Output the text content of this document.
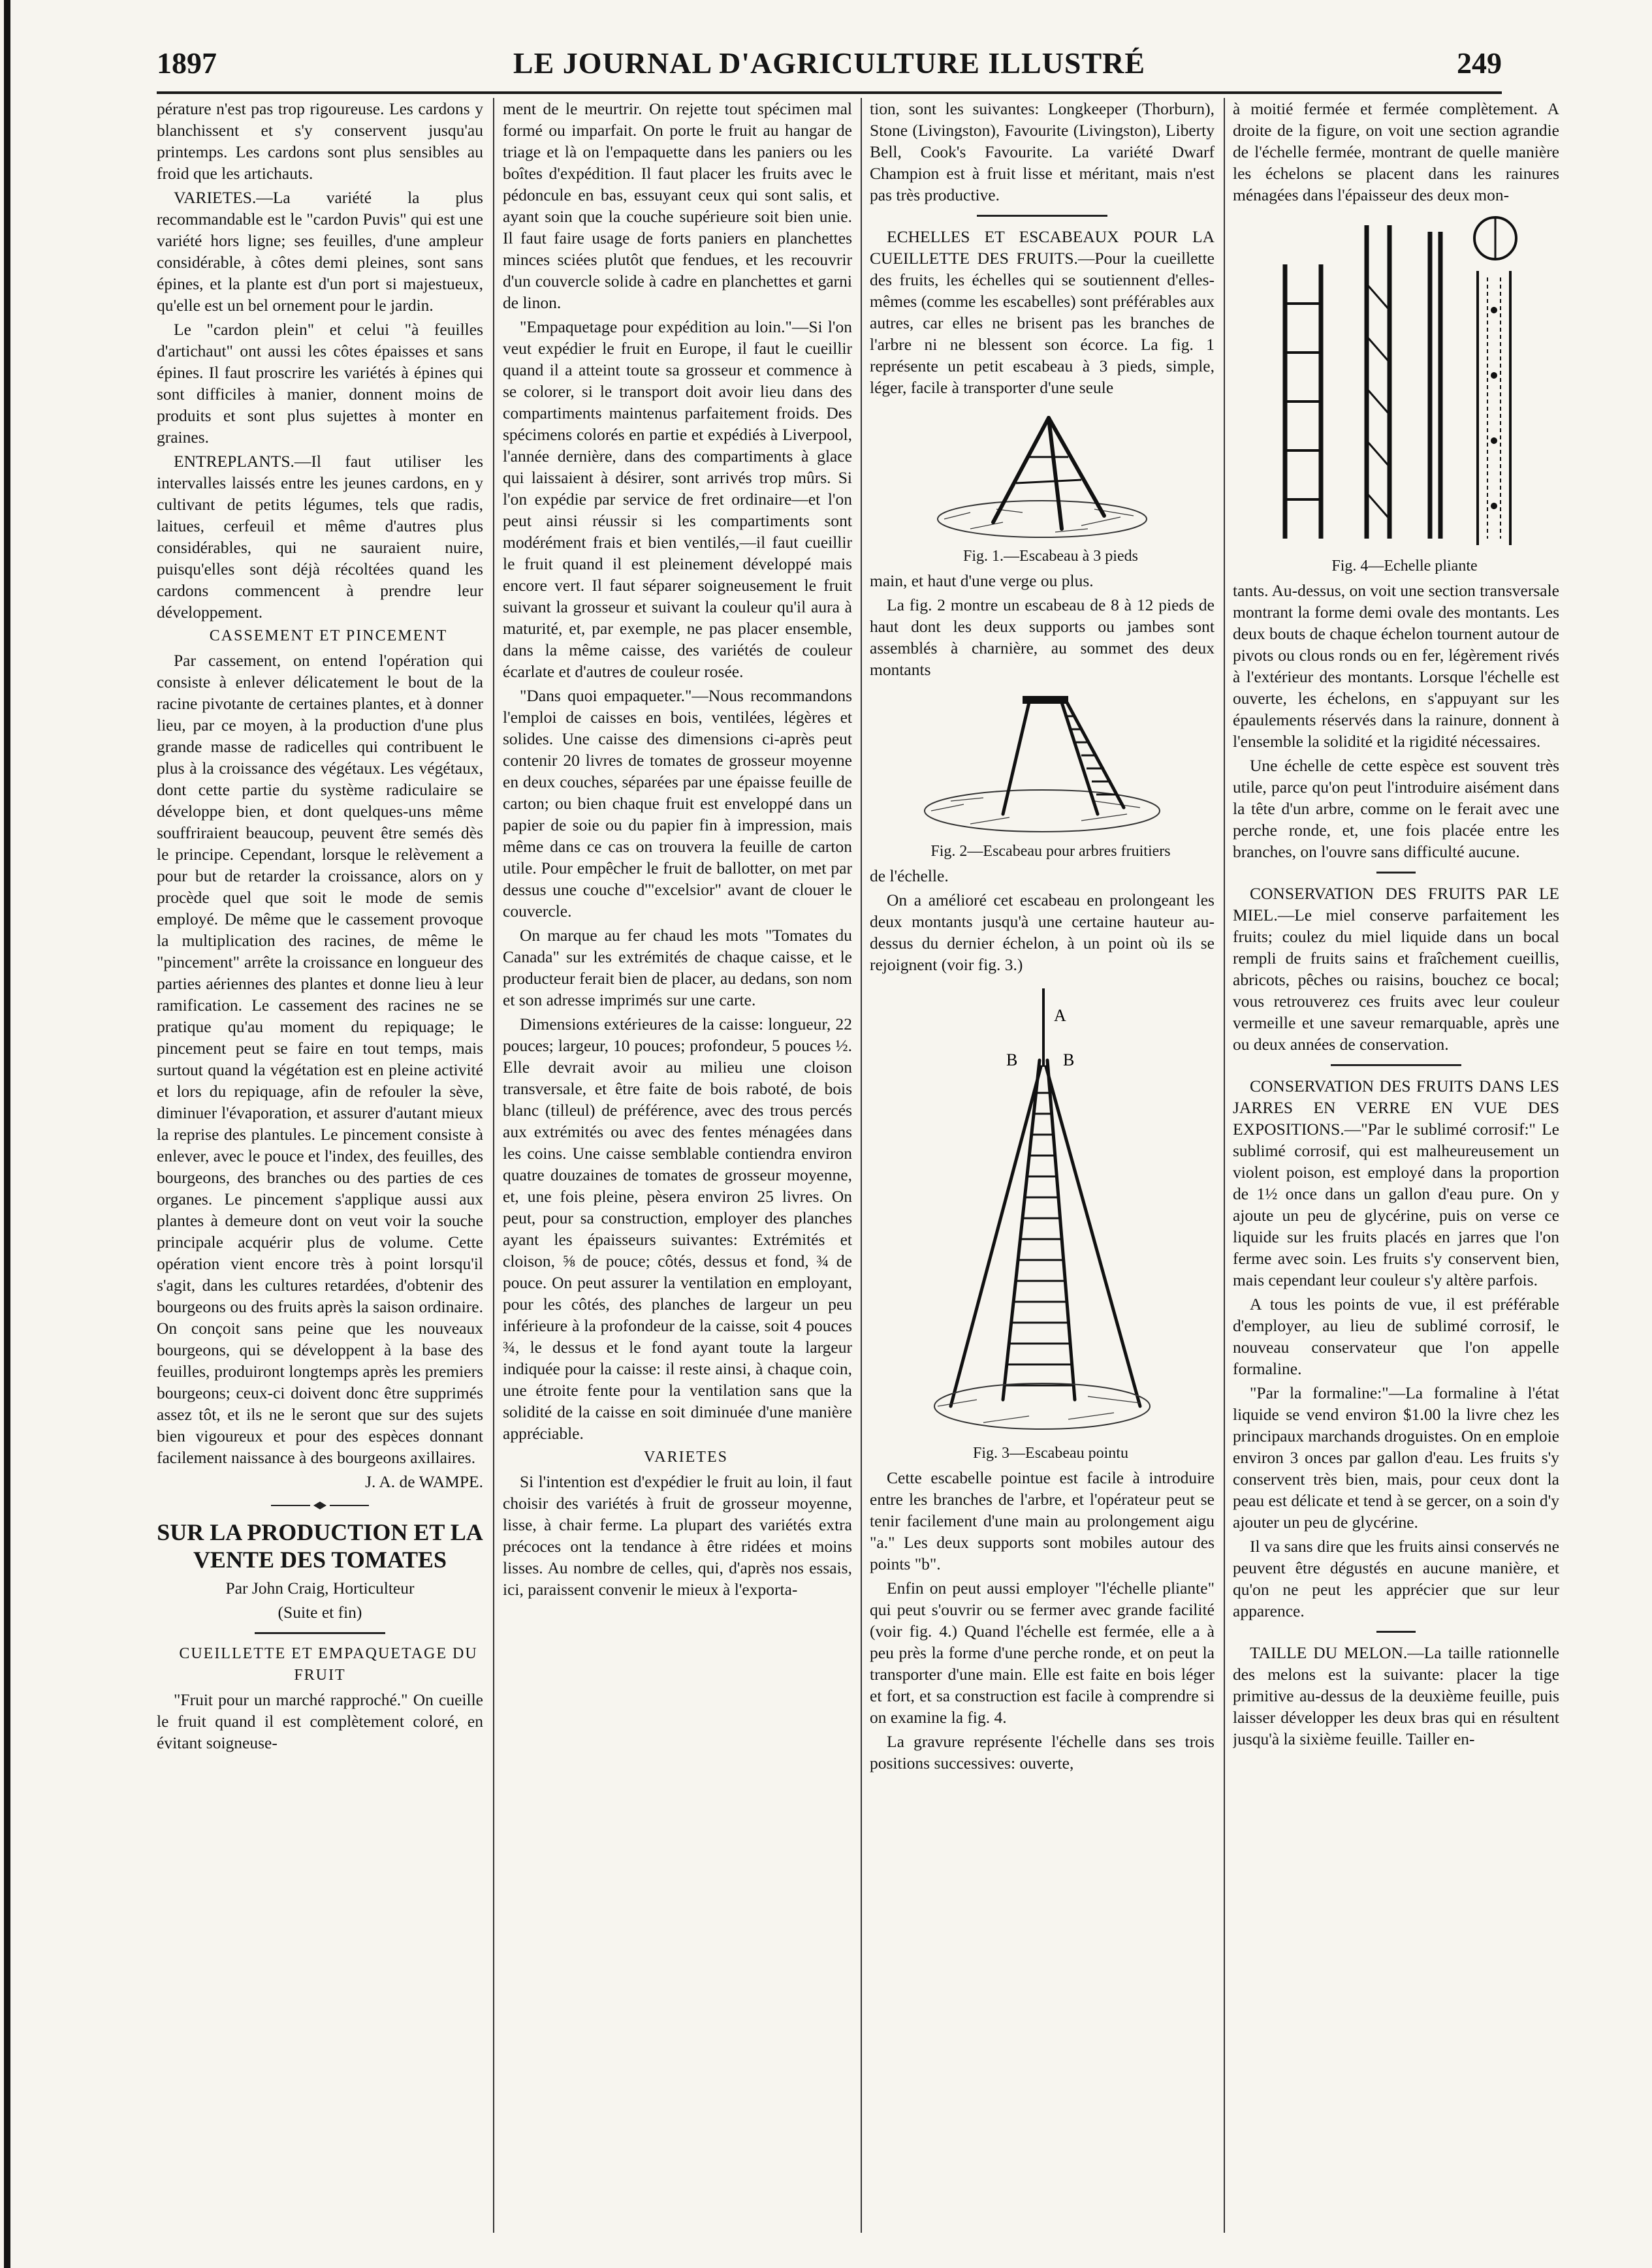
LE JOURNAL D'AGRICULTURE ILLUSTRÉ
1897	249

pérature n'est pas trop rigoureuse. Les cardons y blanchissent et s'y conservent jusqu'au printemps. Les cardons sont plus sensibles au froid que les artichauts.

VARIETES.—La variété la plus recommandable est le "cardon Puvis" qui est une variété hors ligne; ses feuilles, d'une ampleur considérable, à côtes demi pleines, sont sans épines, et la plante est d'un port si majestueux, qu'elle est un bel ornement pour le jardin.

Le "cardon plein" et celui "à feuilles d'artichaut" ont aussi les côtes épaisses et sans épines. Il faut proscrire les variétés à épines qui sont difficiles à manier, donnent moins de produits et sont plus sujettes à monter en graines.

ENTREPLANTS.—Il faut utiliser les intervalles laissés entre les jeunes cardons, en y cultivant de petits légumes, tels que radis, laitues, cerfeuil et même d'autres plus considérables, qui ne sauraient nuire, puisqu'elles sont déjà récoltées quand les cardons commencent à prendre leur développement.

CASSEMENT ET PINCEMENT

Par cassement, on entend l'opération qui consiste à enlever délicatement le bout de la racine pivotante de certaines plantes, et à donner lieu, par ce moyen, à la production d'une plus grande masse de radicelles qui contribuent le plus à la croissance des végétaux. Les végétaux, dont cette partie du système radiculaire se développe bien, et dont quelques-uns même souffriraient beaucoup, peuvent être semés dès le principe. Cependant, lorsque le relèvement a pour but de retarder la croissance, alors on y procède quel que soit le mode de semis employé. De même que le cassement provoque la multiplication des racines, de même le "pincement" arrête la croissance en longueur des parties aériennes des plantes et donne lieu à leur ramification. Le cassement des racines ne se pratique qu'au moment du repiquage; le pincement peut se faire en tout temps, mais surtout quand la végétation est en pleine activité et lors du repiquage, afin de refouler la sève, diminuer l'évaporation, et assurer d'autant mieux la reprise des plantules. Le pincement consiste à enlever, avec le pouce et l'index, des feuilles, des bourgeons, des branches ou des parties de ces organes. Le pincement s'applique aussi aux plantes à demeure dont on veut voir la souche principale acquérir plus de volume. Cette opération vient encore très à point lorsqu'il s'agit, dans les cultures retardées, d'obtenir des bourgeons ou des fruits après la saison ordinaire. On conçoit sans peine que les nouveaux bourgeons, qui se développent à la base des feuilles, produiront longtemps après les premiers bourgeons; ceux-ci doivent donc être supprimés assez tôt, et ils ne le seront que sur des sujets bien vigoureux et pour des espèces donnant facilement naissance à des bourgeons axillaires.

J. A. de WAMPE.

SUR LA PRODUCTION ET LA VENTE DES TOMATES

Par John Craig, Horticulteur

(Suite et fin)

CUEILLETTE ET EMPAQUETAGE DU FRUIT

"Fruit pour un marché rapproché." On cueille le fruit quand il est complètement coloré, en évitant soigneuse-

ment de le meurtrir. On rejette tout spécimen mal formé ou imparfait. On porte le fruit au hangar de triage et là on l'empaquette dans les paniers ou les boîtes d'expédition. Il faut placer les fruits avec le pédoncule en bas, essuyant ceux qui sont salis, et ayant soin que la couche supérieure soit bien unie. Il faut faire usage de forts paniers en planchettes minces sciées plutôt que fendues, et les recouvrir d'un couvercle solide à cadre en planchettes et garni de linon.

"Empaquetage pour expédition au loin."—Si l'on veut expédier le fruit en Europe, il faut le cueillir quand il a atteint toute sa grosseur et commence à se colorer, si le transport doit avoir lieu dans des compartiments maintenus parfaitement froids. Des spécimens colorés en partie et expédiés à Liverpool, l'année dernière, dans des compartiments à glace qui laissaient à désirer, sont arrivés trop mûrs. Si l'on expédie par service de fret ordinaire—et l'on peut ainsi réussir si les compartiments sont modérément frais et bien ventilés,—il faut cueillir le fruit quand il est pleinement développé mais encore vert. Il faut séparer soigneusement le fruit suivant la grosseur et suivant la couleur qu'il aura à maturité, et, par exemple, ne pas placer ensemble, dans la même caisse, des variétés de couleur écarlate et d'autres de couleur rosée.

"Dans quoi empaqueter."—Nous recommandons l'emploi de caisses en bois, ventilées, légères et solides. Une caisse des dimensions ci-après peut contenir 20 livres de tomates de grosseur moyenne en deux couches, séparées par une épaisse feuille de carton; ou bien chaque fruit est enveloppé dans un papier de soie ou du papier fin à impression, mais même dans ce cas on trouvera la feuille de carton utile. Pour empêcher le fruit de ballotter, on met par dessus une couche d'"excelsior" avant de clouer le couvercle.

On marque au fer chaud les mots "Tomates du Canada" sur les extrémités de chaque caisse, et le producteur ferait bien de placer, au dedans, son nom et son adresse imprimés sur une carte.

Dimensions extérieures de la caisse: longueur, 22 pouces; largeur, 10 pouces; profondeur, 5 pouces ½. Elle devrait avoir au milieu une cloison transversale, et être faite de bois raboté, de bois blanc (tilleul) de préférence, avec des trous percés aux extrémités ou avec des fentes ménagées dans les coins. Une caisse semblable contiendra environ quatre douzaines de tomates de grosseur moyenne, et, une fois pleine, pèsera environ 25 livres. On peut, pour sa construction, employer des planches ayant les épaisseurs suivantes: Extrémités et cloison, ⅝ de pouce; côtés, dessus et fond, ¾ de pouce. On peut assurer la ventilation en employant, pour les côtés, des planches de largeur un peu inférieure à la profondeur de la caisse, soit 4 pouces ¾, le dessus et le fond ayant toute la largeur indiquée pour la caisse: il reste ainsi, à chaque coin, une étroite fente pour la ventilation sans que la solidité de la caisse en soit diminuée d'une manière appréciable.

VARIETES

Si l'intention est d'expédier le fruit au loin, il faut choisir des variétés à fruit de grosseur moyenne, lisse, à chair ferme. La plupart des variétés extra précoces ont la tendance à être ridées et moins lisses. Au nombre de celles, qui, d'après nos essais, ici, paraissent convenir le mieux à l'exporta-

tion, sont les suivantes: Longkeeper (Thorburn), Stone (Livingston), Favourite (Livingston), Liberty Bell, Cook's Favourite. La variété Dwarf Champion est à fruit lisse et méritant, mais n'est pas très productive.

ECHELLES ET ESCABEAUX POUR LA CUEILLETTE DES FRUITS.—Pour la cueillette des fruits, les échelles qui se soutiennent d'elles-mêmes (comme les escabelles) sont préférables aux autres, car elles ne brisent pas les branches de l'arbre ni ne blessent son écorce. La fig. 1 représente un petit escabeau à 3 pieds, simple, léger, facile à transporter d'une seule

Fig. 1.—Escabeau à 3 pieds

main, et haut d'une verge ou plus.

La fig. 2 montre un escabeau de 8 à 12 pieds de haut dont les deux supports ou jambes sont assemblés à charnière, au sommet des deux montants

Fig. 2—Escabeau pour arbres fruitiers

de l'échelle.

On a amélioré cet escabeau en prolongeant les deux montants jusqu'à une certaine hauteur au-dessus du dernier échelon, à un point où ils se rejoignent (voir fig. 3.)

A
B	B

Fig. 3—Escabeau pointu

Cette escabelle pointue est facile à introduire entre les branches de l'arbre, et l'opérateur peut se tenir facilement d'une main au prolongement aigu "a." Les deux supports sont mobiles autour des points "b".

Enfin on peut aussi employer "l'échelle pliante" qui peut s'ouvrir ou se fermer avec grande facilité (voir fig. 4.) Quand l'échelle est fermée, elle a à peu près la forme d'une perche ronde, et on peut la transporter d'une main. Elle est faite en bois léger et fort, et sa construction est facile à comprendre si on examine la fig. 4.

La gravure représente l'échelle dans ses trois positions successives: ouverte,

à moitié fermée et fermée complètement. A droite de la figure, on voit une section agrandie de l'échelle fermée, montrant de quelle manière les échelons se placent dans les rainures ménagées dans l'épaisseur des deux mon-

Fig. 4—Echelle pliante

tants. Au-dessus, on voit une section transversale montrant la forme demi ovale des montants. Les deux bouts de chaque échelon tournent autour de pivots ou clous ronds ou en fer, légèrement rivés à l'extérieur des montants. Lorsque l'échelle est ouverte, les échelons, en s'appuyant sur les épaulements réservés dans la rainure, donnent à l'ensemble la solidité et la rigidité nécessaires.

Une échelle de cette espèce est souvent très utile, parce qu'on peut l'introduire aisément dans la tête d'un arbre, comme on le ferait avec une perche ronde, et, une fois placée entre les branches, on l'ouvre sans difficulté aucune.

CONSERVATION DES FRUITS PAR LE MIEL.—Le miel conserve parfaitement les fruits; coulez du miel liquide dans un bocal rempli de fruits sains et fraîchement cueillis, abricots, pêches ou raisins, bouchez ce bocal; vous retrouverez ces fruits avec leur couleur vermeille et une saveur remarquable, après une ou deux années de conservation.

CONSERVATION DES FRUITS DANS LES JARRES EN VERRE EN VUE DES EXPOSITIONS.—"Par le sublimé corrosif:" Le sublimé corrosif, qui est malheureusement un violent poison, est employé dans la proportion de 1½ once dans un gallon d'eau pure. On y ajoute un peu de glycérine, puis on verse ce liquide sur les fruits placés en jarres que l'on ferme avec soin. Les fruits s'y conservent bien, mais cependant leur couleur s'y altère parfois.

A tous les points de vue, il est préférable d'employer, au lieu de sublimé corrosif, le nouveau conservateur que l'on appelle formaline.

"Par la formaline:"—La formaline à l'état liquide se vend environ $1.00 la livre chez les principaux marchands droguistes. On en emploie environ 3 onces par gallon d'eau. Les fruits s'y conservent très bien, mais, pour ceux dont la peau est délicate et tend à se gercer, on a soin d'y ajouter un peu de glycérine.

Il va sans dire que les fruits ainsi conservés ne peuvent être dégustés en aucune manière, et qu'on ne peut les apprécier que sur leur apparence.

TAILLE DU MELON.—La taille rationnelle des melons est la suivante: placer la tige primitive au-dessus de la deuxième feuille, puis laisser développer les deux bras qui en résultent jusqu'à la sixième feuille. Tailler en-
